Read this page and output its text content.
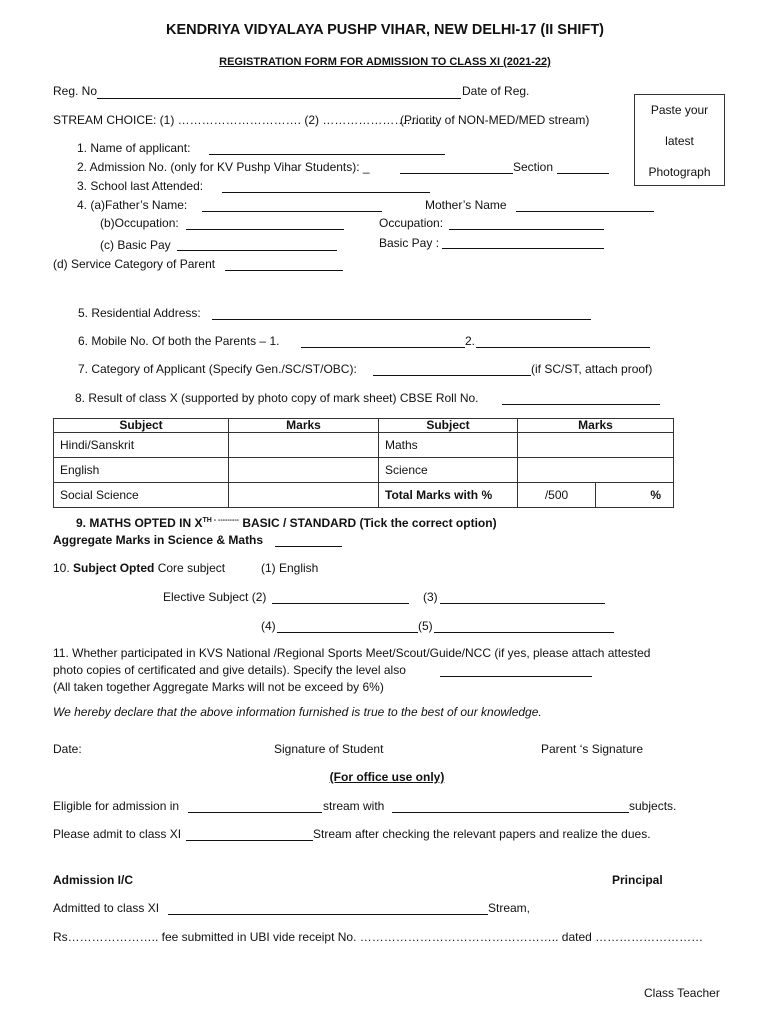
KENDRIYA VIDYALAYA PUSHP VIHAR, NEW DELHI-17 (II SHIFT)
REGISTRATION FORM FOR ADMISSION TO CLASS XI (2021-22)
Reg. No	Date of Reg.
Paste your
latest
Photograph
STREAM CHOICE: (1) …………………………. (2) ………………………...
(Priority of NON-MED/MED stream)
1. Name of applicant:
2. Admission No. (only for KV Pushp Vihar Students): _	Section
3. School last Attended:
4. (a)Father’s Name:	Mother’s Name
(b)Occupation:	Occupation:
(c) Basic Pay	Basic Pay :
(d) Service Category of Parent
5. Residential Address:
6. Mobile No. Of both the Parents – 1.	2.
7. Category of Applicant (Specify Gen./SC/ST/OBC):	(if SC/ST, attach proof)
8. Result of class X (supported by photo copy of mark sheet) CBSE Roll No.
Subject	Marks	Subject	Marks	
Hindi/Sanskrit		Maths		
English		Science		
Social Science		Total Marks with %	/500	%
9. MATHS OPTED IN $X^{TH - ---------}$ BASIC / STANDARD (Tick the correct option)
Aggregate Marks in Science & Maths
10. Subject Opted Core subject	(1) English
Elective Subject (2)	(3)
(4)	(5)
11. Whether participated in KVS National /Regional Sports Meet/Scout/Guide/NCC (if yes, please attach attested
photo copies of certificated and give details). Specify the level also
(All taken together Aggregate Marks will not be exceed by 6%)
We hereby declare that the above information furnished is true to the best of our knowledge.
Date:	Signature of Student	Parent ‘s Signature
(For office use only)
Eligible for admission in	stream with	subjects.
Please admit to class XI	Stream after checking the relevant papers and realize the dues.
Admission I/C	Principal
Admitted to class XI	Stream,
Rs………………….. fee submitted in UBI vide receipt No. ………………………………………….. dated ………………………
Class Teacher
